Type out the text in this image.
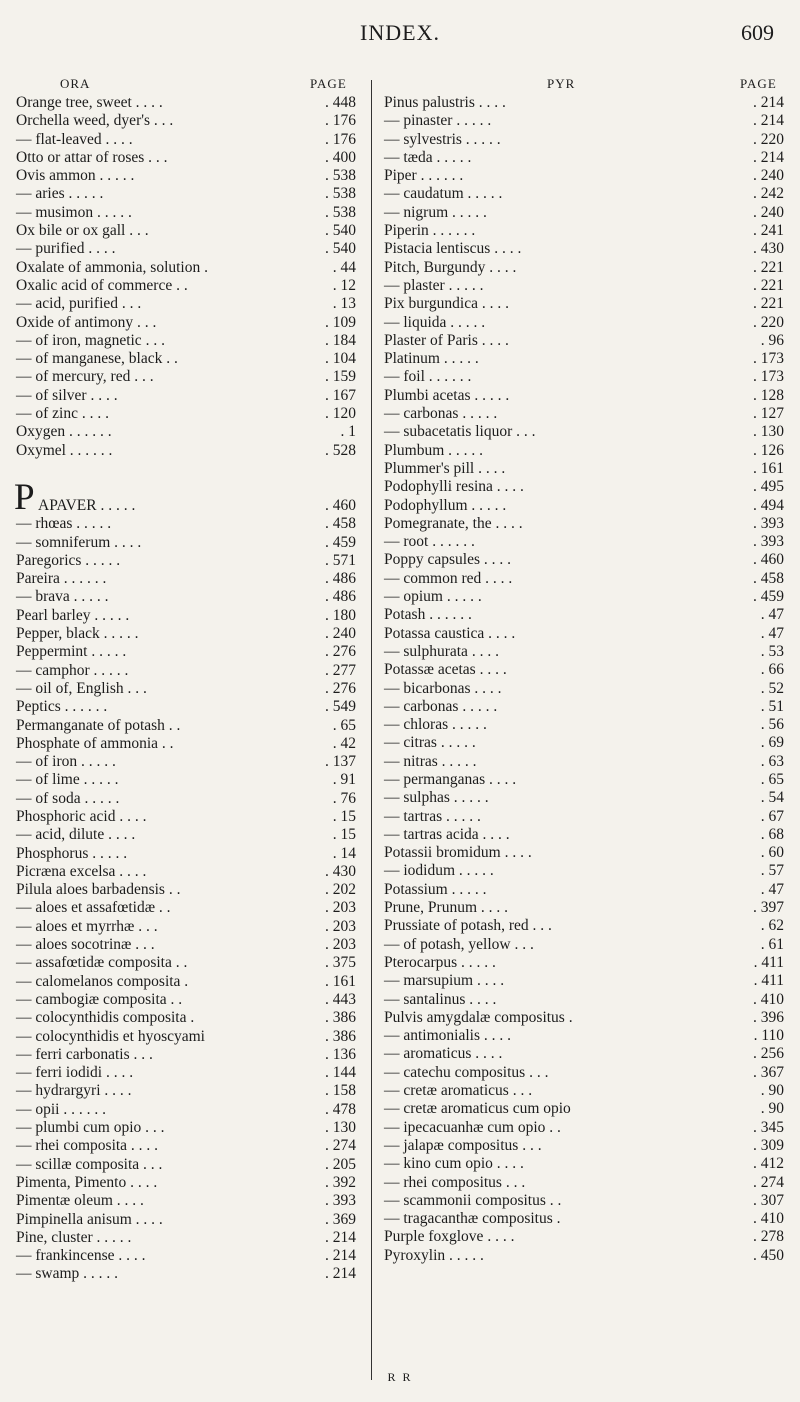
INDEX.	609
ORA	PAGE	PYR	PAGE
Orange tree, sweet . . . .	. 448
Orchella weed, dyer's . . .	. 176
— flat-leaved . . . .	. 176
Otto or attar of roses . . .	. 400
Ovis ammon . . . . .	. 538
— aries . . . . .	. 538
— musimon . . . . .	. 538
Ox bile or ox gall . . .	. 540
— purified . . . .	. 540
Oxalate of ammonia, solution .	. 44
Oxalic acid of commerce . .	. 12
— acid, purified . . .	. 13
Oxide of antimony . . .	. 109
— of iron, magnetic . . .	. 184
— of manganese, black . .	. 104
— of mercury, red . . .	. 159
— of silver . . . .	. 167
— of zinc . . . .	. 120
Oxygen . . . . . .	. 1
Oxymel . . . . . .	. 528
P APAVER . . . . .	. 460
— rhœas . . . . .	. 458
— somniferum . . . .	. 459
Paregorics . . . . .	. 571
Pareira . . . . . .	. 486
— brava . . . . .	. 486
Pearl barley . . . . .	. 180
Pepper, black . . . . .	. 240
Peppermint . . . . .	. 276
— camphor . . . . .	. 277
— oil of, English . . .	. 276
Peptics . . . . . .	. 549
Permanganate of potash . .	. 65
Phosphate of ammonia . .	. 42
— of iron . . . . .	. 137
— of lime . . . . .	. 91
— of soda . . . . .	. 76
Phosphoric acid . . . .	. 15
— acid, dilute . . . .	. 15
Phosphorus . . . . .	. 14
Picræna excelsa . . . .	. 430
Pilula aloes barbadensis . .	. 202
— aloes et assafœtidæ . .	. 203
— aloes et myrrhæ . . .	. 203
— aloes socotrinæ . . .	. 203
— assafœtidæ composita . .	. 375
— calomelanos composita .	. 161
— cambogiæ composita . .	. 443
— colocynthidis composita .	. 386
— colocynthidis et hyoscyami	. 386
— ferri carbonatis . . .	. 136
— ferri iodidi . . . .	. 144
— hydrargyri . . . .	. 158
— opii . . . . . .	. 478
— plumbi cum opio . . .	. 130
— rhei composita . . . .	. 274
— scillæ composita . . .	. 205
Pimenta, Pimento . . . .	. 392
Pimentæ oleum . . . .	. 393
Pimpinella anisum . . . .	. 369
Pine, cluster . . . . .	. 214
— frankincense . . . .	. 214
— swamp . . . . .	. 214
Pinus palustris . . . .	. 214
— pinaster . . . . .	. 214
— sylvestris . . . . .	. 220
— tæda . . . . .	. 214
Piper . . . . . .	. 240
— caudatum . . . . .	. 242
— nigrum . . . . .	. 240
Piperin . . . . . .	. 241
Pistacia lentiscus . . . .	. 430
Pitch, Burgundy . . . .	. 221
— plaster . . . . .	. 221
Pix burgundica . . . .	. 221
— liquida . . . . .	. 220
Plaster of Paris . . . .	. 96
Platinum . . . . .	. 173
— foil . . . . . .	. 173
Plumbi acetas . . . . .	. 128
— carbonas . . . . .	. 127
— subacetatis liquor . . .	. 130
Plumbum . . . . .	. 126
Plummer's pill . . . .	. 161
Podophylli resina . . . .	. 495
Podophyllum . . . . .	. 494
Pomegranate, the . . . .	. 393
— root . . . . . .	. 393
Poppy capsules . . . .	. 460
— common red . . . .	. 458
— opium . . . . .	. 459
Potash . . . . . .	. 47
Potassa caustica . . . .	. 47
— sulphurata . . . .	. 53
Potassæ acetas . . . .	. 66
— bicarbonas . . . .	. 52
— carbonas . . . . .	. 51
— chloras . . . . .	. 56
— citras . . . . .	. 69
— nitras . . . . .	. 63
— permanganas . . . .	. 65
— sulphas . . . . .	. 54
— tartras . . . . .	. 67
— tartras acida . . . .	. 68
Potassii bromidum . . . .	. 60
— iodidum . . . . .	. 57
Potassium . . . . .	. 47
Prune, Prunum . . . .	. 397
Prussiate of potash, red . . .	. 62
— of potash, yellow . . .	. 61
Pterocarpus . . . . .	. 411
— marsupium . . . .	. 411
— santalinus . . . .	. 410
Pulvis amygdalæ compositus .	. 396
— antimonialis . . . .	. 110
— aromaticus . . . .	. 256
— catechu compositus . . .	. 367
— cretæ aromaticus . . .	. 90
— cretæ aromaticus cum opio	. 90
— ipecacuanhæ cum opio . .	. 345
— jalapæ compositus . . .	. 309
— kino cum opio . . . .	. 412
— rhei compositus . . .	. 274
— scammonii compositus . .	. 307
— tragacanthæ compositus .	. 410
Purple foxglove . . . .	. 278
Pyroxylin . . . . .	. 450
R R
